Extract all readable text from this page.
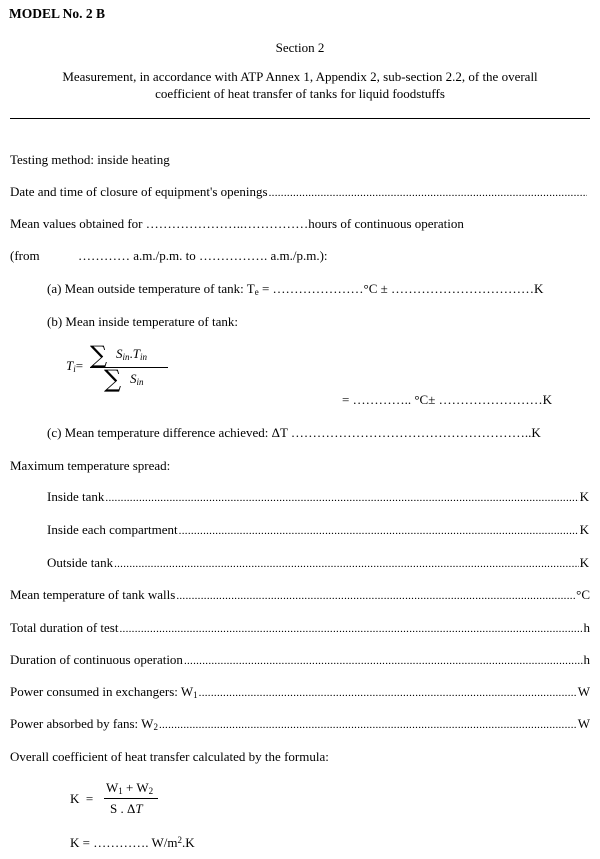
MODEL No. 2 B
Section 2
Measurement, in accordance with ATP Annex 1, Appendix 2, sub-section 2.2, of the overall
coefficient of heat transfer of tanks for liquid foodstuffs
Testing method: inside heating
Date and time of closure of equipment's openings
.....
Mean values obtained for …………………..……………hours of continuous operation
(from	………… a.m./p.m. to ……………. a.m./p.m.):
(a) Mean outside temperature of tank: $T_e$ = …………………°C ± ……………………………K
(b) Mean inside temperature of tank:
$T_i=$ ∑ $S_{in}.T_{in}$
∑ $S_{in}$
= ………….. °C± ……………………K
(c) Mean temperature difference achieved: ΔT ………………………………………………..K
Maximum temperature spread:
Inside tank .....	K
Inside each compartment .....	K
Outside tank .....	K
Mean temperature of tank walls .....	°C
Total duration of test .....	h
Duration of continuous operation .....	h
Power consumed in exchangers: $W_1$ .....	W
Power absorbed by fans: $W_2$ .....	W
Overall coefficient of heat transfer calculated by the formula:
K =
$W_1 + W_2$
S . ΔT
K = …………. $W/m^2.K$
